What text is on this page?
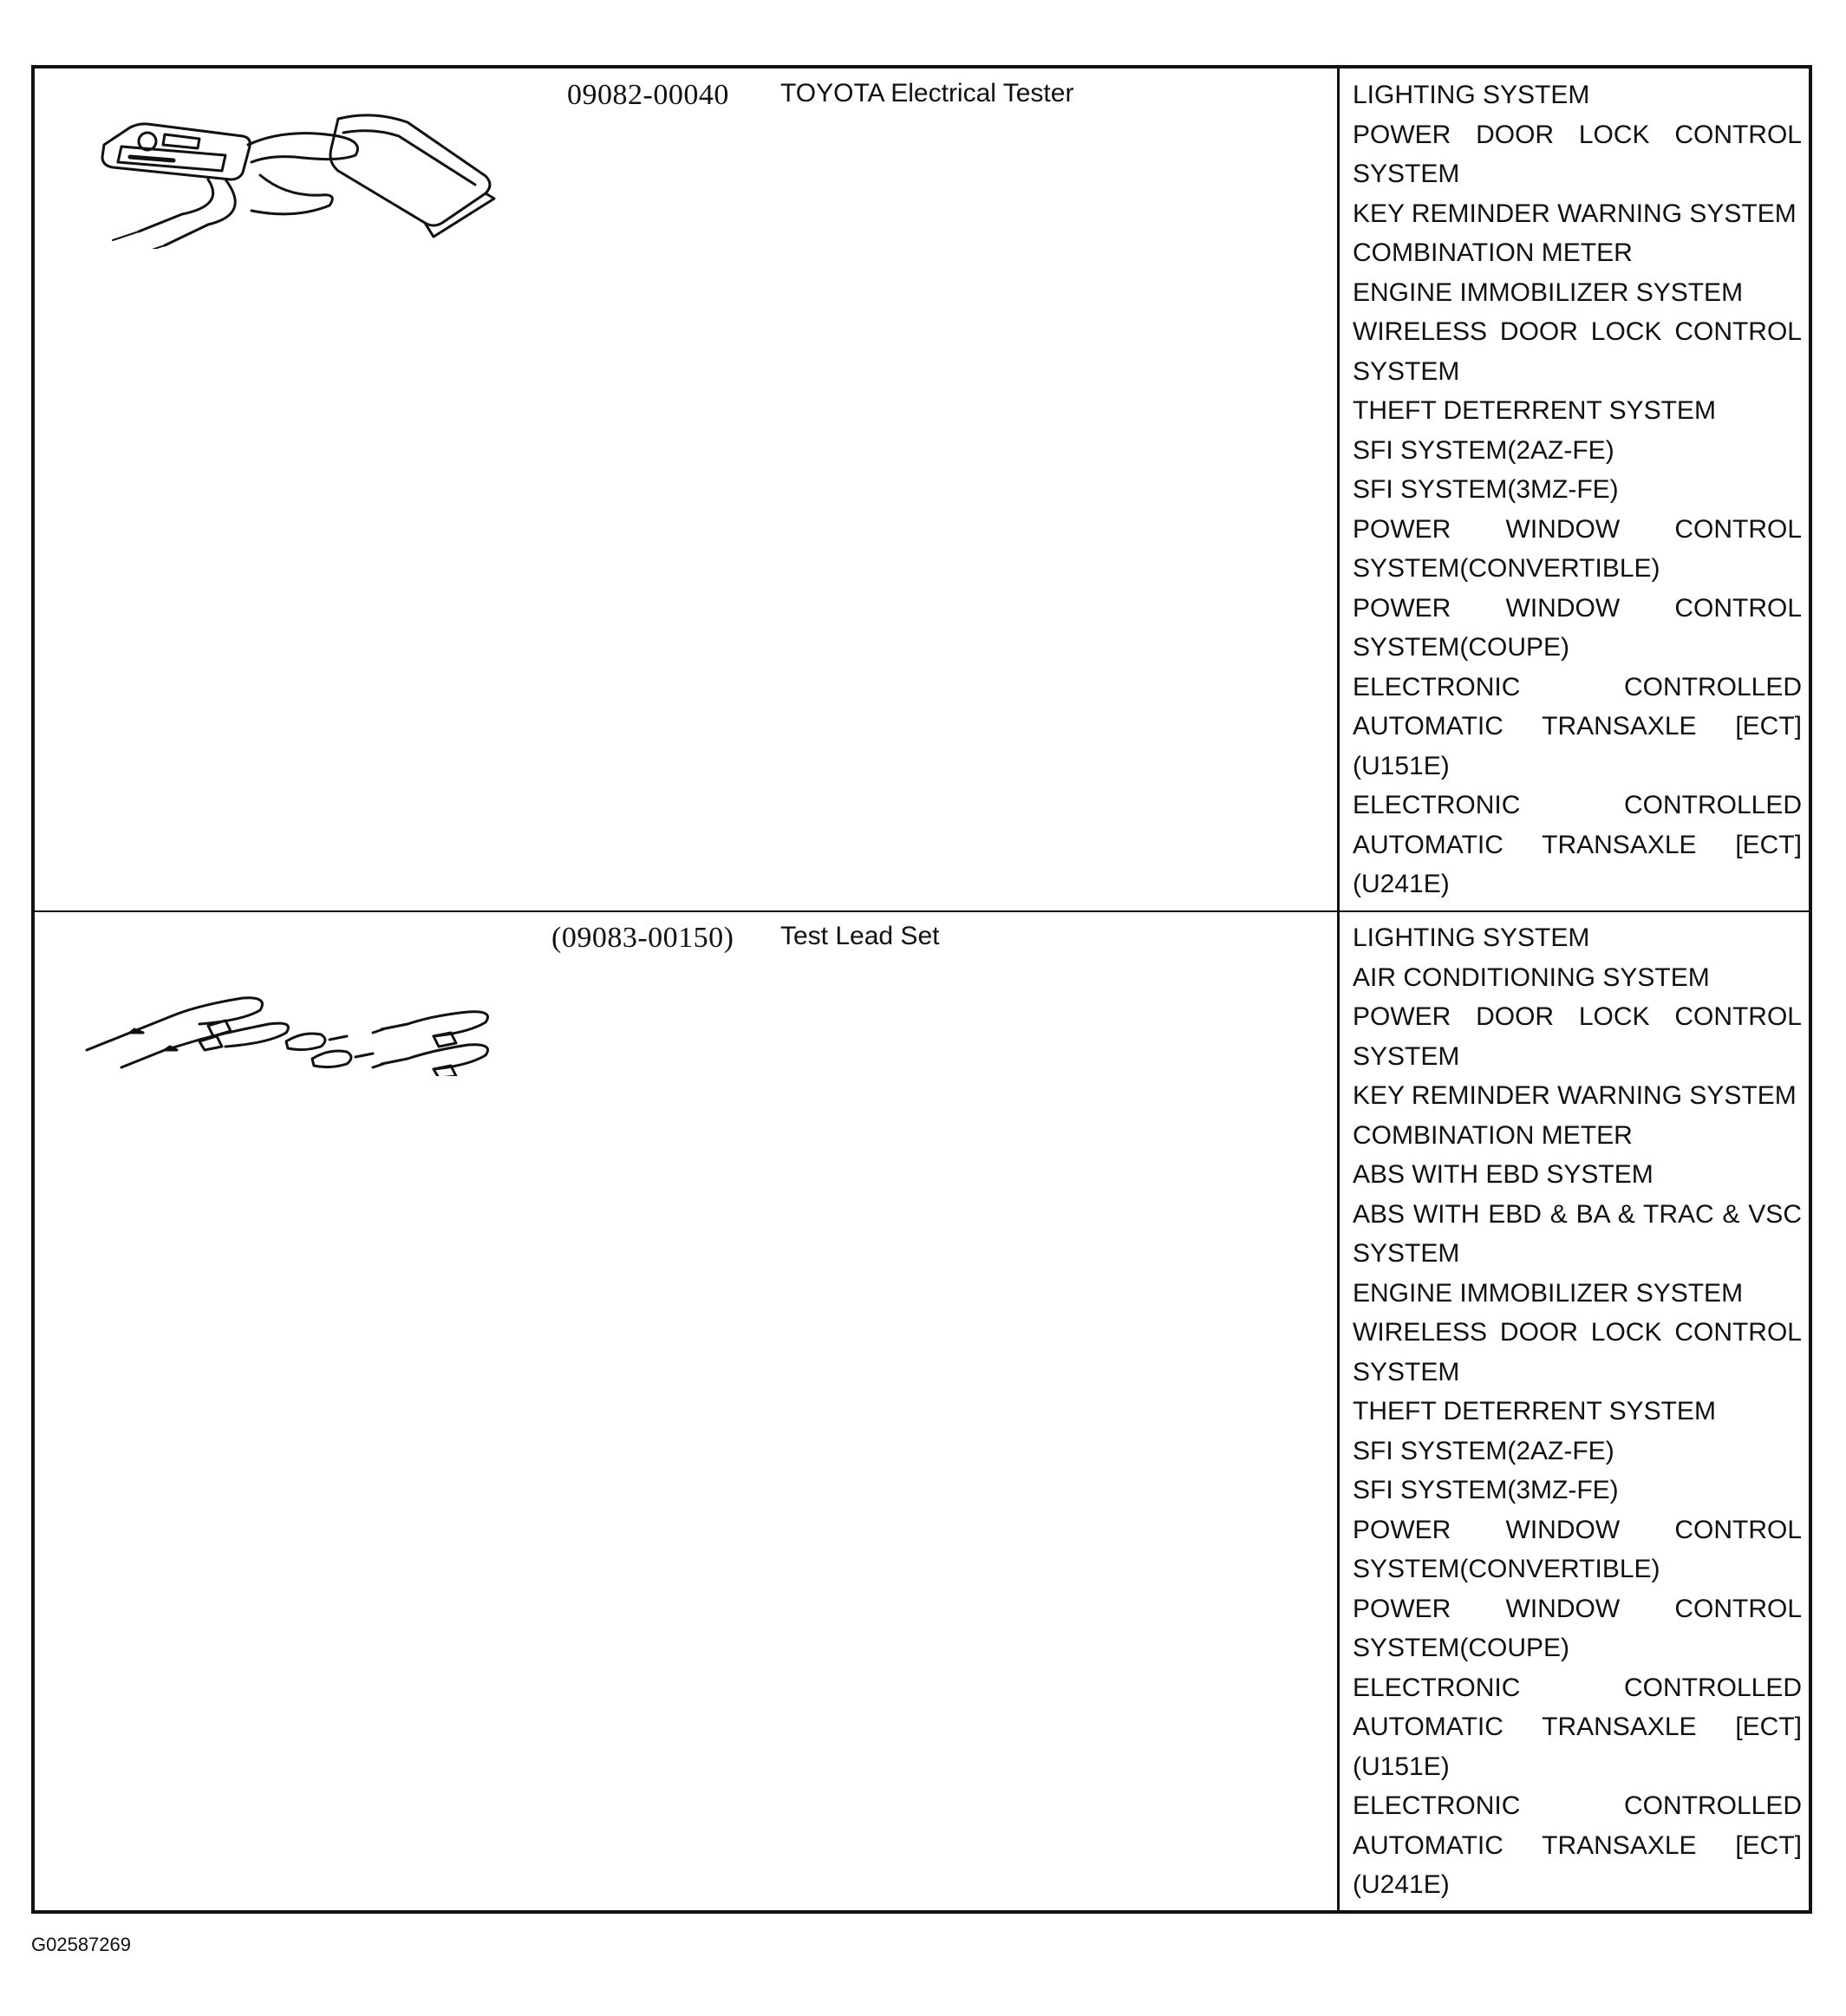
09082-00040 TOYOTA Electrical Tester	LIGHTING SYSTEM
POWER DOOR LOCK CONTROL SYSTEM
KEY REMINDER WARNING SYSTEM
COMBINATION METER
ENGINE IMMOBILIZER SYSTEM
WIRELESS DOOR LOCK CONTROL SYSTEM
THEFT DETERRENT SYSTEM
SFI SYSTEM(2AZ-FE)
SFI SYSTEM(3MZ-FE)
POWER WINDOW CONTROL SYSTEM(CONVERTIBLE)
POWER WINDOW CONTROL SYSTEM(COUPE)
ELECTRONIC CONTROLLED AUTOMATIC TRANSAXLE [ECT](U151E)
ELECTRONIC CONTROLLED AUTOMATIC TRANSAXLE [ECT](U241E)
(09083-00150) Test Lead Set	LIGHTING SYSTEM
AIR CONDITIONING SYSTEM
POWER DOOR LOCK CONTROL SYSTEM
KEY REMINDER WARNING SYSTEM
COMBINATION METER
ABS WITH EBD SYSTEM
ABS WITH EBD & BA & TRAC & VSC SYSTEM
ENGINE IMMOBILIZER SYSTEM
WIRELESS DOOR LOCK CONTROL SYSTEM
THEFT DETERRENT SYSTEM
SFI SYSTEM(2AZ-FE)
SFI SYSTEM(3MZ-FE)
POWER WINDOW CONTROL SYSTEM(CONVERTIBLE)
POWER WINDOW CONTROL SYSTEM(COUPE)
ELECTRONIC CONTROLLED AUTOMATIC TRANSAXLE [ECT](U151E)
ELECTRONIC CONTROLLED AUTOMATIC TRANSAXLE [ECT](U241E)
G02587269
